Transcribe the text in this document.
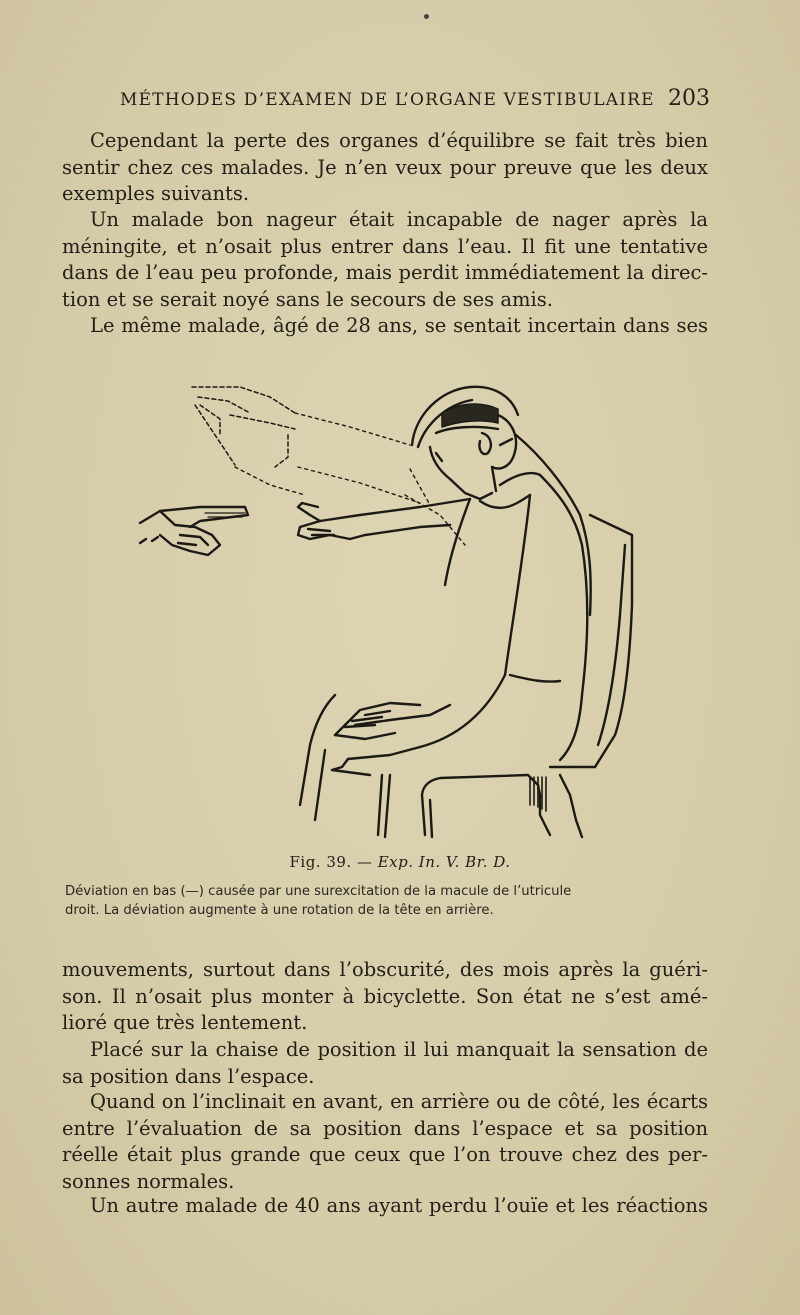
MÉTHODES D’EXAMEN DE L’ORGANE VESTIBULAIRE 203
Cependant la perte des organes d’équilibre se fait très bien
sentir chez ces malades. Je n’en veux pour preuve que les deux
exemples suivants.
Un malade bon nageur était incapable de nager après la
méningite, et n’osait plus entrer dans l’eau. Il fit une tentative
dans de l’eau peu profonde, mais perdit immédiatement la direc-
tion et se serait noyé sans le secours de ses amis.
Le même malade, âgé de 28 ans, se sentait incertain dans ses
Fig. 39. — Exp. In. V. Br. D.
Déviation en bas (—) causée par une surexcitation de la macule de l’utricule
droit. La déviation augmente à une rotation de la tête en arrière.
mouvements, surtout dans l’obscurité, des mois après la guéri-
son. Il n’osait plus monter à bicyclette. Son état ne s’est amé-
lioré que très lentement.
Placé sur la chaise de position il lui manquait la sensation de
sa position dans l’espace.
Quand on l’inclinait en avant, en arrière ou de côté, les écarts
entre l’évaluation de sa position dans l’espace et sa position
réelle était plus grande que ceux que l’on trouve chez des per-
sonnes normales.
Un autre malade de 40 ans ayant perdu l’ouïe et les réactions
